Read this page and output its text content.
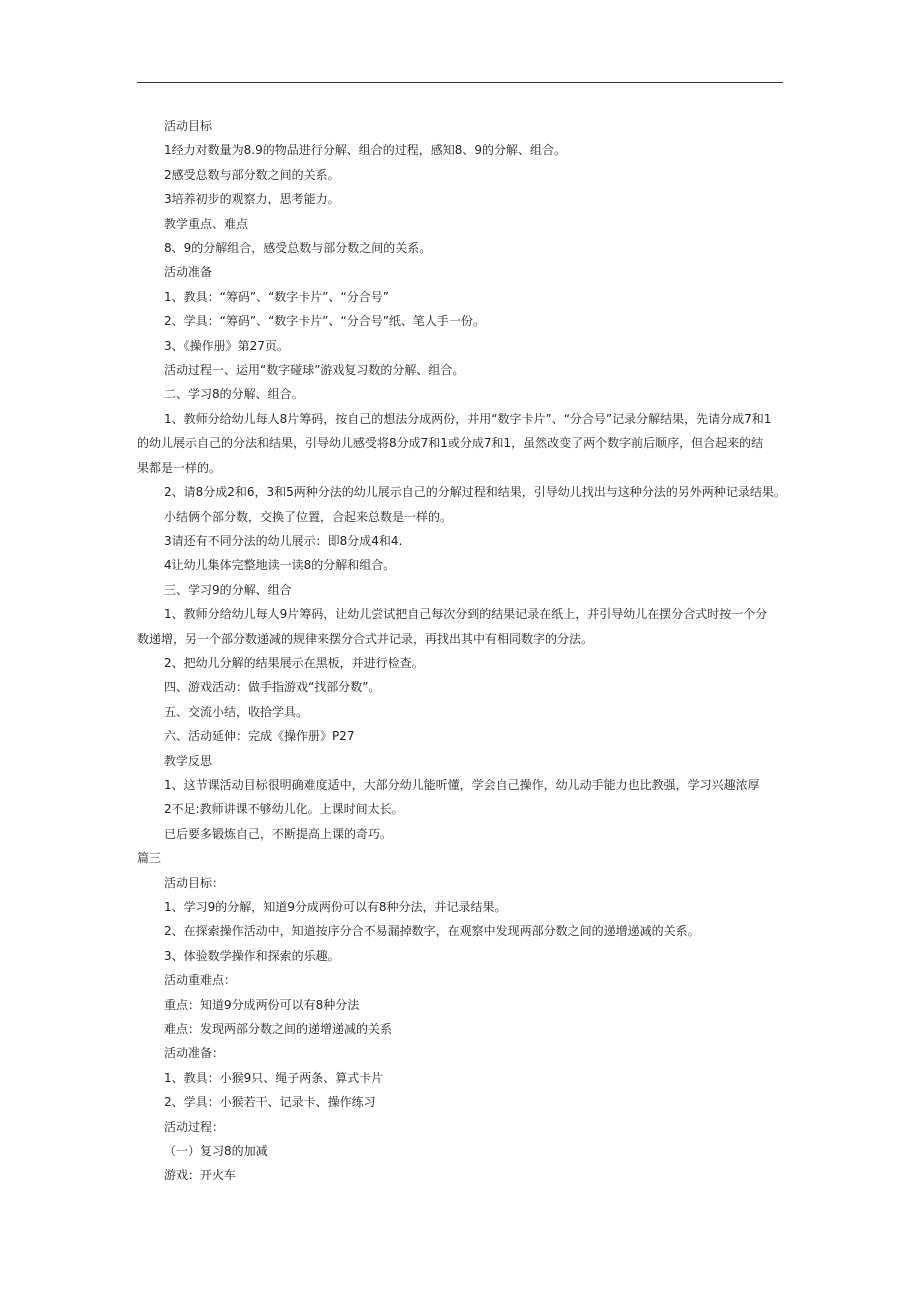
活动目标

1经力对数量为8.9的物品进行分解、组合的过程，感知8、9的分解、组合。

2感受总数与部分数之间的关系。

3培养初步的观察力，思考能力。

教学重点、难点

8、9的分解组合，感受总数与部分数之间的关系。

活动准备

1、教具：“筹码”、“数字卡片”、“分合号”

2、学具：“筹码”、“数字卡片”、“分合号”纸、笔人手一份。

3、《操作册》第27页。

活动过程一、运用“数字碰球”游戏复习数的分解、组合。

二、学习8的分解、组合。

1、教师分给幼儿每人8片筹码，按自己的想法分成两份，并用“数字卡片”、“分合号”记录分解结果，先请分成7和1

的幼儿展示自己的分法和结果，引导幼儿感受将8分成7和1或分成7和1，虽然改变了两个数字前后顺序，但合起来的结

果都是一样的。

2、请8分成2和6，3和5两种分法的幼儿展示自己的分解过程和结果，引导幼儿找出与这种分法的另外两种记录结果。

小结俩个部分数，交换了位置，合起来总数是一样的。

3请还有不同分法的幼儿展示：即8分成4和4.

4让幼儿集体完整地读一读8的分解和组合。

三、学习9的分解、组合

1、教师分给幼儿每人9片筹码，让幼儿尝试把自己每次分到的结果记录在纸上，并引导幼儿在摆分合式时按一个分

数递增，另一个部分数递减的规律来摆分合式并记录，再找出其中有相同数字的分法。

2、把幼儿分解的结果展示在黑板，并进行检查。

四、游戏活动：做手指游戏“找部分数”。

五、交流小结，收拾学具。

六、活动延伸：完成《操作册》P27

教学反思

1、这节课活动目标很明确难度适中，大部分幼儿能听懂，学会自己操作，幼儿动手能力也比教强，学习兴趣浓厚

2不足:教师讲课不够幼儿化。上课时间太长。

已后要多锻炼自己，不断提高上课的奇巧。

篇三

活动目标：

1、学习9的分解，知道9分成两份可以有8种分法，并记录结果。

2、在探索操作活动中，知道按序分合不易漏掉数字，在观察中发现两部分数之间的递增递减的关系。

3、体验数学操作和探索的乐趣。

活动重难点：

重点：知道9分成两份可以有8种分法

难点：发现两部分数之间的递增递减的关系

活动准备：

1、教具：小猴9只、绳子两条、算式卡片

2、学具：小猴若干、记录卡、操作练习

活动过程：

（一）复习8的加减

游戏：开火车
